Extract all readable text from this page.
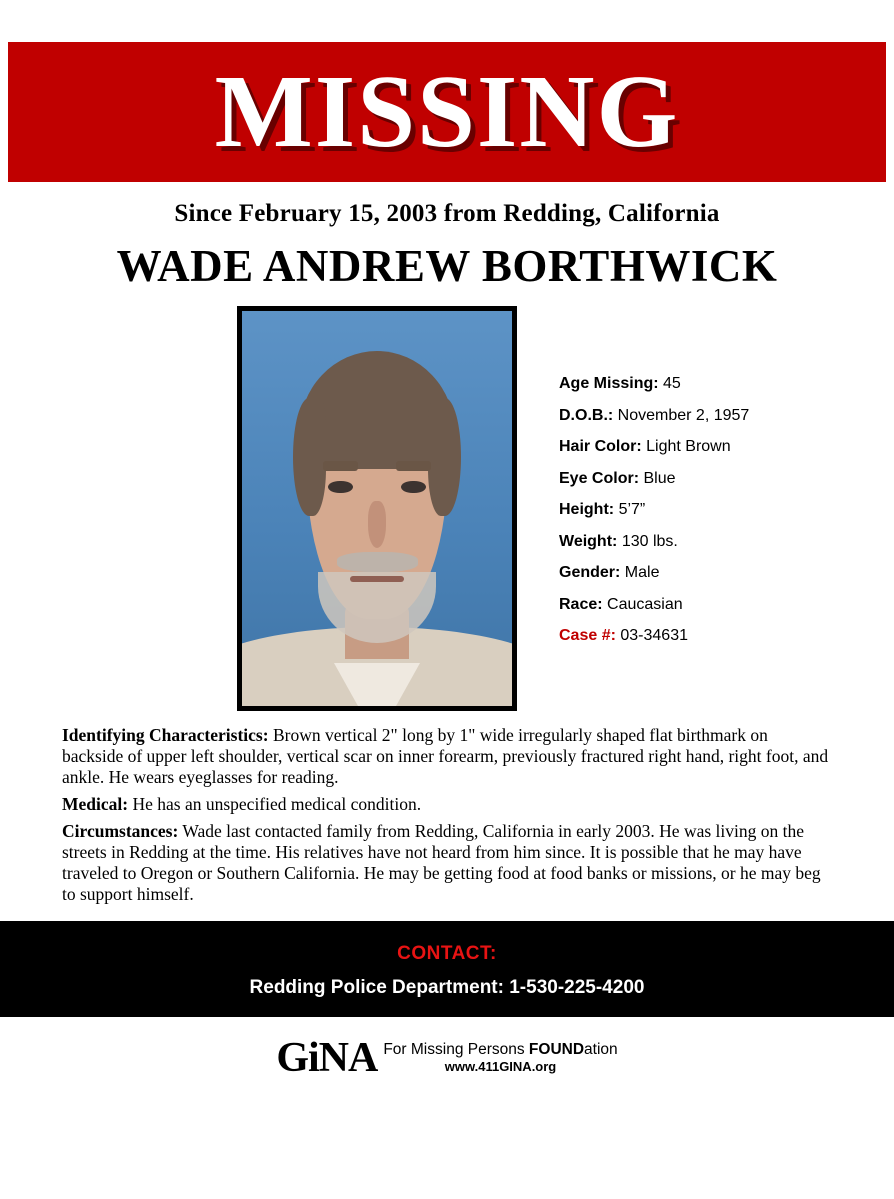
MISSING
Since February 15, 2003 from Redding, California
WADE ANDREW BORTHWICK
Age Missing: 45
D.O.B.: November 2, 1957
Hair Color: Light Brown
Eye Color: Blue
Height: 5’7”
Weight: 130 lbs.
Gender: Male
Race: Caucasian
Case #: 03-34631

Identifying Characteristics: Brown vertical 2" long by 1" wide irregularly shaped flat birthmark on backside of upper left shoulder, vertical scar on inner forearm, previously fractured right hand, right foot, and ankle. He wears eyeglasses for reading.

Medical: He has an unspecified medical condition.

Circumstances: Wade last contacted family from Redding, California in early 2003. He was living on the streets in Redding at the time. His relatives have not heard from him since. It is possible that he may have traveled to Oregon or Southern California. He may be getting food at food banks or missions, or he may beg to support himself.

CONTACT:
Redding Police Department: 1-530-225-4200
GiNA For Missing Persons FOUNDation
www.411GINA.org
